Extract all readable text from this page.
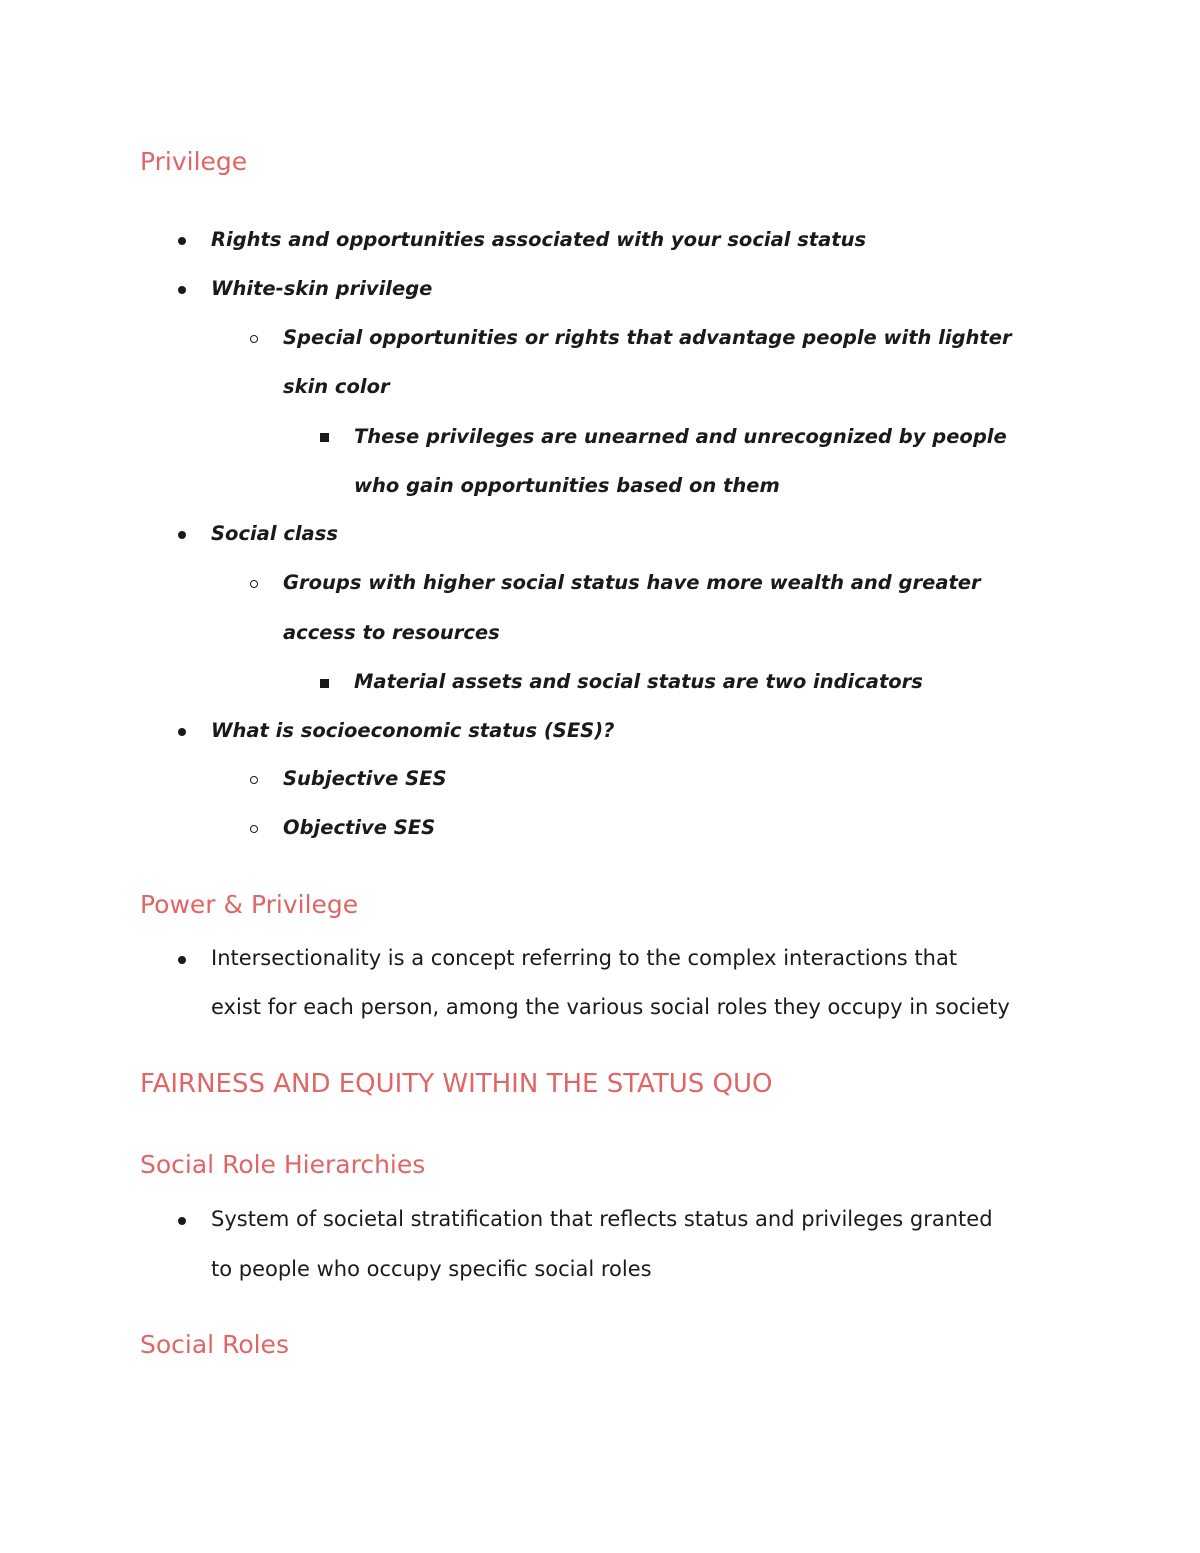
Privilege

Rights and opportunities associated with your social status

White-skin privilege

Special opportunities or rights that advantage people with lighter

skin color

These privileges are unearned and unrecognized by people

who gain opportunities based on them

Social class

Groups with higher social status have more wealth and greater

access to resources

Material assets and social status are two indicators

What is socioeconomic status (SES)?

Subjective SES

Objective SES

Power & Privilege

Intersectionality is a concept referring to the complex interactions that

exist for each person, among the various social roles they occupy in society

FAIRNESS AND EQUITY WITHIN THE STATUS QUO
Social Role Hierarchies

System of societal stratification that reflects status and privileges granted

to people who occupy specific social roles

Social Roles
